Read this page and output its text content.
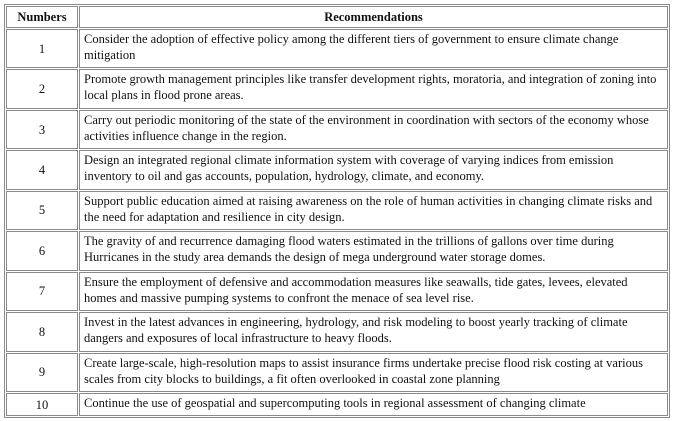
Numbers	Recommendations
1	Consider the adoption of effective policy among the different tiers of government to ensure climate change mitigation
2	Promote growth management principles like transfer development rights, moratoria, and integration of zoning into local plans in flood prone areas.
3	Carry out periodic monitoring of the state of the environment in coordination with sectors of the economy whose activities influence change in the region.
4	Design an integrated regional climate information system with coverage of varying indices from emission inventory to oil and gas accounts, population, hydrology, climate, and economy.
5	Support public education aimed at raising awareness on the role of human activities in changing climate risks and the need for adaptation and resilience in city design.
6	The gravity of and recurrence damaging flood waters estimated in the trillions of gallons over time during Hurricanes in the study area demands the design of mega underground water storage domes.
7	Ensure the employment of defensive and accommodation measures like seawalls, tide gates, levees, elevated homes and massive pumping systems to confront the menace of sea level rise.
8	Invest in the latest advances in engineering, hydrology, and risk modeling to boost yearly tracking of climate dangers and exposures of local infrastructure to heavy floods.
9	Create large-scale, high-resolution maps to assist insurance firms undertake precise flood risk costing at various scales from city blocks to buildings, a fit often overlooked in coastal zone planning
10	Continue the use of geospatial and supercomputing tools in regional assessment of changing climate
